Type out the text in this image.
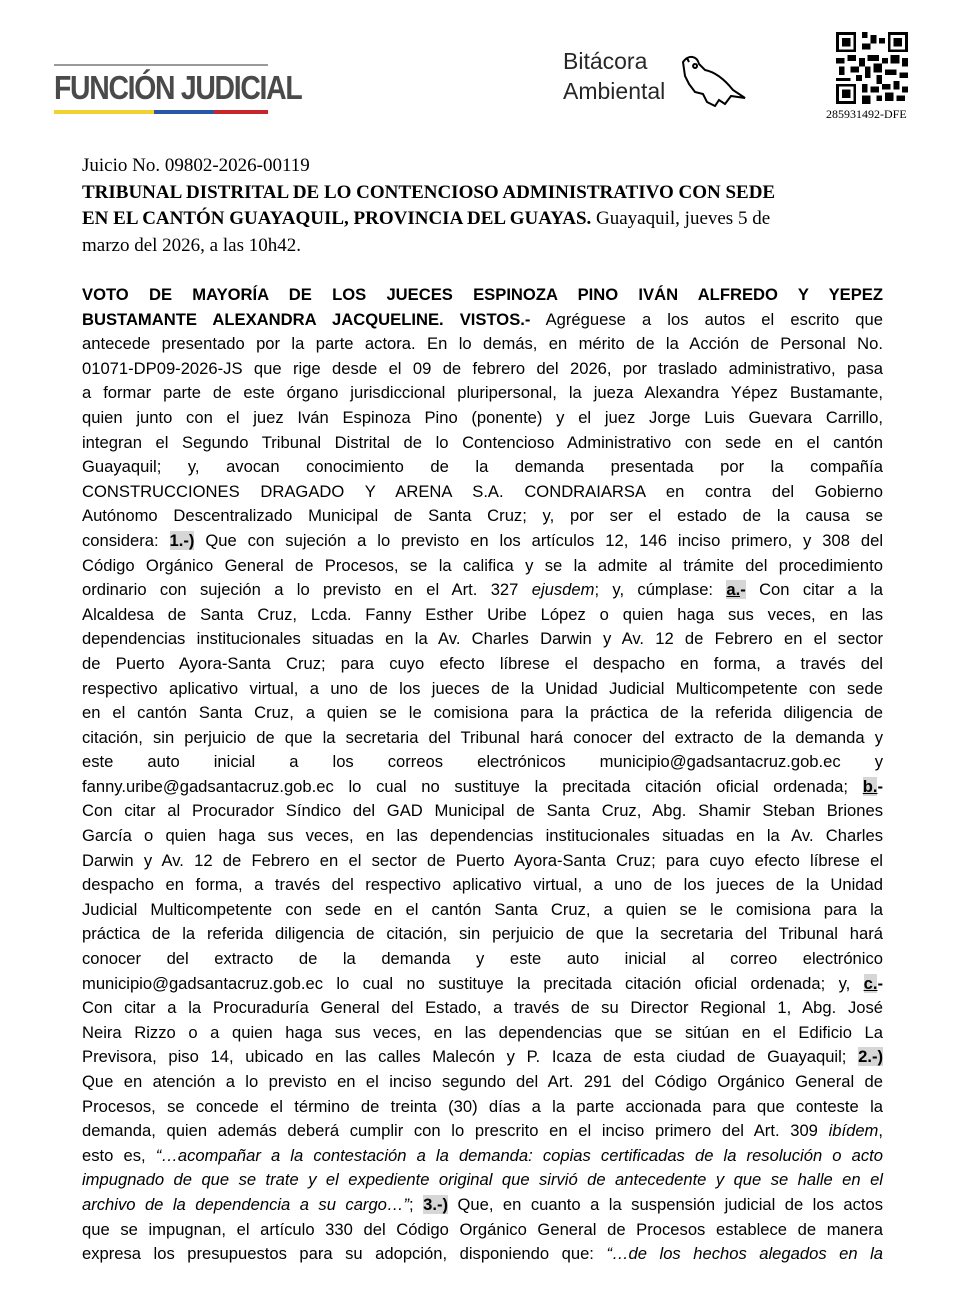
FUNCIÓN JUDICIAL
285931492-DFE
Juicio No. 09802-2026-00119
TRIBUNAL DISTRITAL DE LO CONTENCIOSO ADMINISTRATIVO CON SEDE
EN EL CANTÓN GUAYAQUIL, PROVINCIA DEL GUAYAS. Guayaquil, jueves 5 de
marzo del 2026, a las 10h42.
VOTO DE MAYORÍA DE LOS JUECES ESPINOZA PINO IVÁN ALFREDO Y YEPEZ
BUSTAMANTE ALEXANDRA JACQUELINE. VISTOS.- Agréguese a los autos el escrito que
antecede presentado por la parte actora. En lo demás, en mérito de la Acción de Personal No.
01071-DP09-2026-JS que rige desde el 09 de febrero del 2026, por traslado administrativo, pasa
a formar parte de este órgano jurisdiccional pluripersonal, la jueza Alexandra Yépez Bustamante,
quien junto con el juez Iván Espinoza Pino (ponente) y el juez Jorge Luis Guevara Carrillo,
integran el Segundo Tribunal Distrital de lo Contencioso Administrativo con sede en el cantón
Guayaquil; y, avocan conocimiento de la demanda presentada por la compañía
CONSTRUCCIONES DRAGADO Y ARENA S.A. CONDRAIARSA en contra del Gobierno
Autónomo Descentralizado Municipal de Santa Cruz; y, por ser el estado de la causa se
considera: 1.-) Que con sujeción a lo previsto en los artículos 12, 146 inciso primero, y 308 del
Código Orgánico General de Procesos, se la califica y se la admite al trámite del procedimiento
ordinario con sujeción a lo previsto en el Art. 327 ejusdem; y, cúmplase: a.- Con citar a la
Alcaldesa de Santa Cruz, Lcda. Fanny Esther Uribe López o quien haga sus veces, en las
dependencias institucionales situadas en la Av. Charles Darwin y Av. 12 de Febrero en el sector
de Puerto Ayora-Santa Cruz; para cuyo efecto líbrese el despacho en forma, a través del
respectivo aplicativo virtual, a uno de los jueces de la Unidad Judicial Multicompetente con sede
en el cantón Santa Cruz, a quien se le comisiona para la práctica de la referida diligencia de
citación, sin perjuicio de que la secretaria del Tribunal hará conocer del extracto de la demanda y
este auto inicial a los correos electrónicos municipio@gadsantacruz.gob.ec y
fanny.uribe@gadsantacruz.gob.ec lo cual no sustituye la precitada citación oficial ordenada; b.-
Con citar al Procurador Síndico del GAD Municipal de Santa Cruz, Abg. Shamir Steban Briones
García o quien haga sus veces, en las dependencias institucionales situadas en la Av. Charles
Darwin y Av. 12 de Febrero en el sector de Puerto Ayora-Santa Cruz; para cuyo efecto líbrese el
despacho en forma, a través del respectivo aplicativo virtual, a uno de los jueces de la Unidad
Judicial Multicompetente con sede en el cantón Santa Cruz, a quien se le comisiona para la
práctica de la referida diligencia de citación, sin perjuicio de que la secretaria del Tribunal hará
conocer del extracto de la demanda y este auto inicial al correo electrónico
municipio@gadsantacruz.gob.ec lo cual no sustituye la precitada citación oficial ordenada; y, c.-
Con citar a la Procuraduría General del Estado, a través de su Director Regional 1, Abg. José
Neira Rizzo o a quien haga sus veces, en las dependencias que se sitúan en el Edificio La
Previsora, piso 14, ubicado en las calles Malecón y P. Icaza de esta ciudad de Guayaquil; 2.-)
Que en atención a lo previsto en el inciso segundo del Art. 291 del Código Orgánico General de
Procesos, se concede el término de treinta (30) días a la parte accionada para que conteste la
demanda, quien además deberá cumplir con lo prescrito en el inciso primero del Art. 309 ibídem,
esto es, “…acompañar a la contestación a la demanda: copias certificadas de la resolución o acto
impugnado de que se trate y el expediente original que sirvió de antecedente y que se halle en el
archivo de la dependencia a su cargo…”; 3.-) Que, en cuanto a la suspensión judicial de los actos
que se impugnan, el artículo 330 del Código Orgánico General de Procesos establece de manera
expresa los presupuestos para su adopción, disponiendo que: “…de los hechos alegados en la
Bitácora
Ambiental
